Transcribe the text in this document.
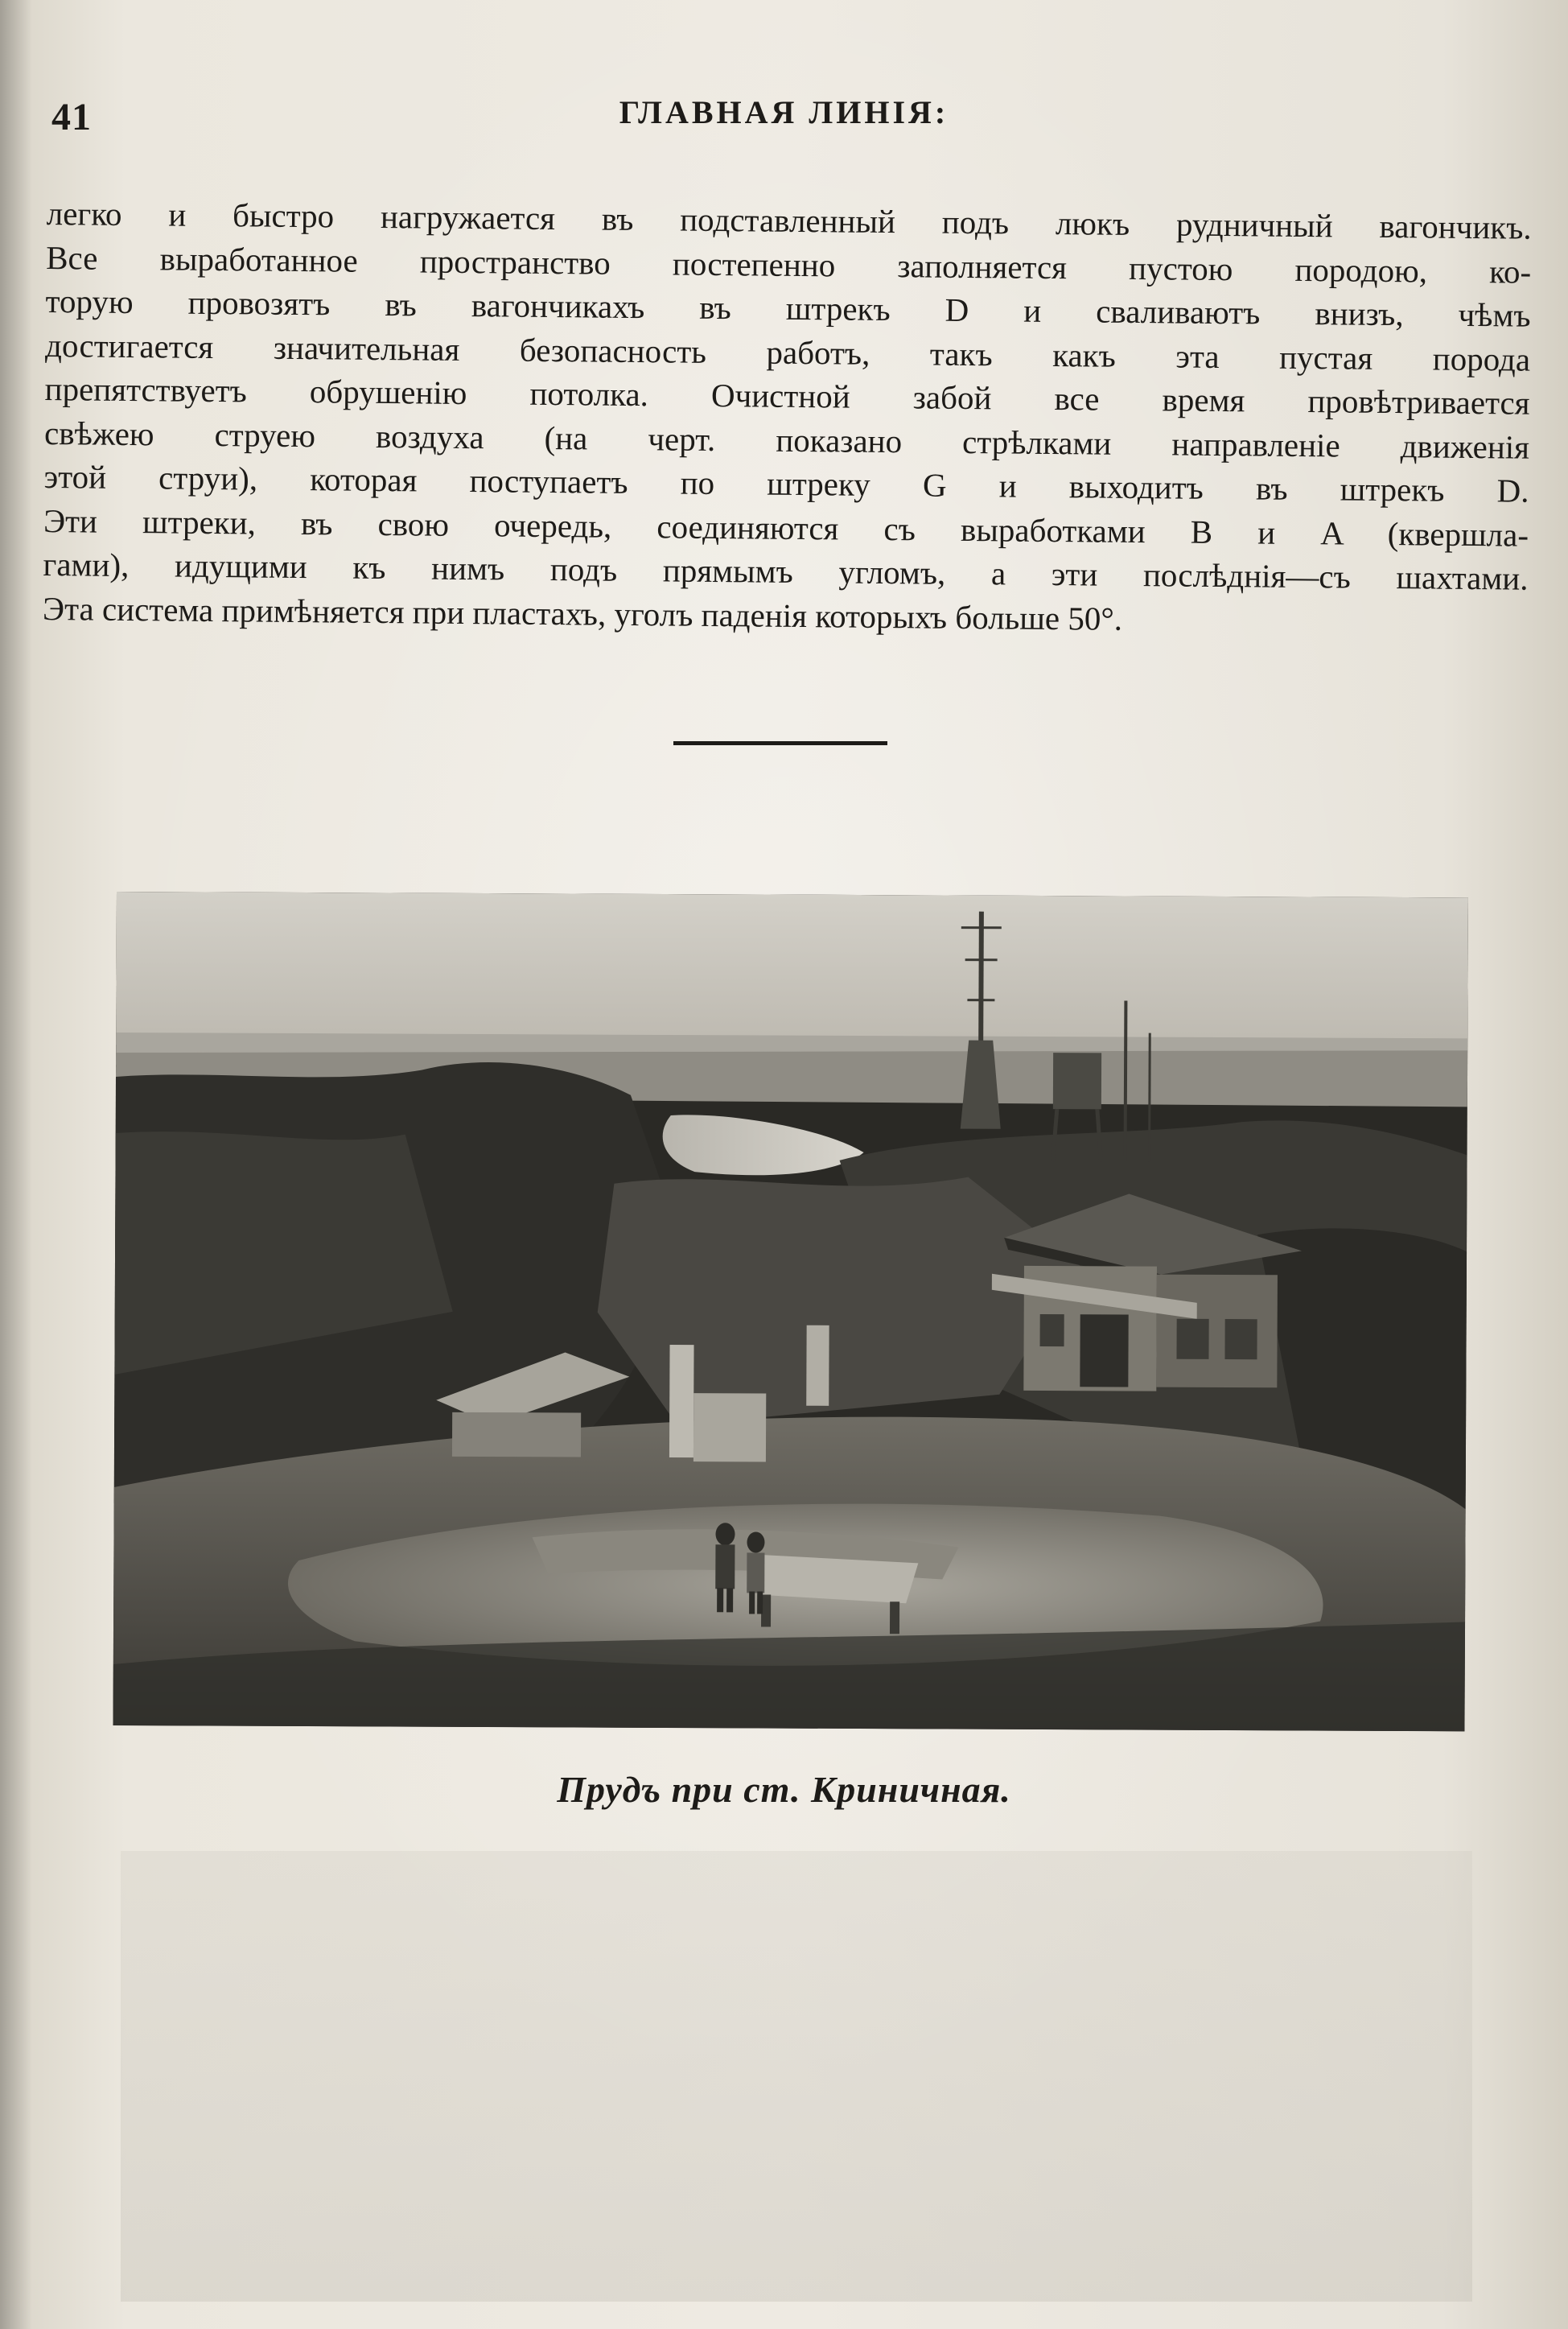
41	ГЛАВНАЯ ЛИНІЯ:
легко и быстро нагружается въ подставленный подъ люкъ рудничный вагончикъ.
Все выработанное пространство постепенно заполняется пустою породою, ко-
торую провозятъ въ вагончикахъ въ штрекъ D и сваливаютъ внизъ, чѣмъ
достигается значительная безопасность работъ, такъ какъ эта пустая порода
препятствуетъ обрушенію потолка. Очистной забой все время провѣтривается
свѣжею струею воздуха (на черт. показано стрѣлками направленіе движенія
этой струи), которая поступаетъ по штреку G и выходитъ въ штрекъ D.
Эти штреки, въ свою очередь, соединяются съ выработками B и A (квершла-
гами), идущими къ нимъ подъ прямымъ угломъ, а эти послѣднія—съ шахтами.
Эта система примѣняется при пластахъ, уголъ паденія которыхъ больше 50°.
Прудъ при ст. Криничная.
